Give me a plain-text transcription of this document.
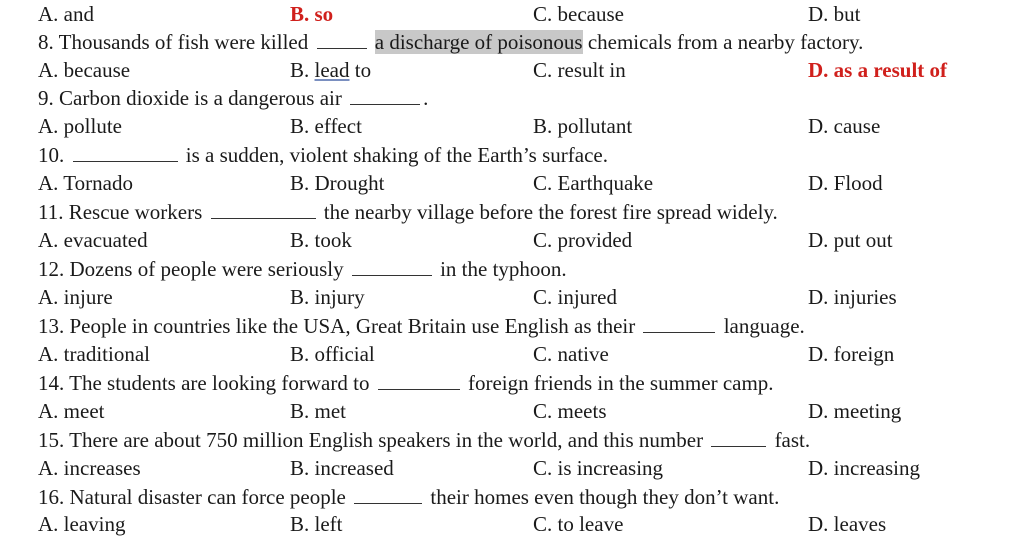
A. and	B. so	C. because	D. but
8. Thousands of fish were killed	a discharge of poisonous chemicals from a nearby factory.
A. because	B. lead to	C. result in	D. as a result of
9. Carbon dioxide is a dangerous air	.
A. pollute	B. effect	B. pollutant	D. cause
10.	is a sudden, violent shaking of the Earth’s surface.
A. Tornado	B. Drought	C. Earthquake	D. Flood
11. Rescue workers	the nearby village before the forest fire spread widely.
A. evacuated	B. took	C. provided	D. put out
12. Dozens of people were seriously	in the typhoon.
A. injure	B. injury	C. injured	D. injuries
13. People in countries like the USA, Great Britain use English as their	language.
A. traditional	B. official	C. native	D. foreign
14. The students are looking forward to	foreign friends in the summer camp.
A. meet	B. met	C. meets	D. meeting
15. There are about 750 million English speakers in the world, and this number	fast.
A. increases	B. increased	C. is increasing	D. increasing
16. Natural disaster can force people	their homes even though they don’t want.
A. leaving	B. left	C. to leave	D. leaves
